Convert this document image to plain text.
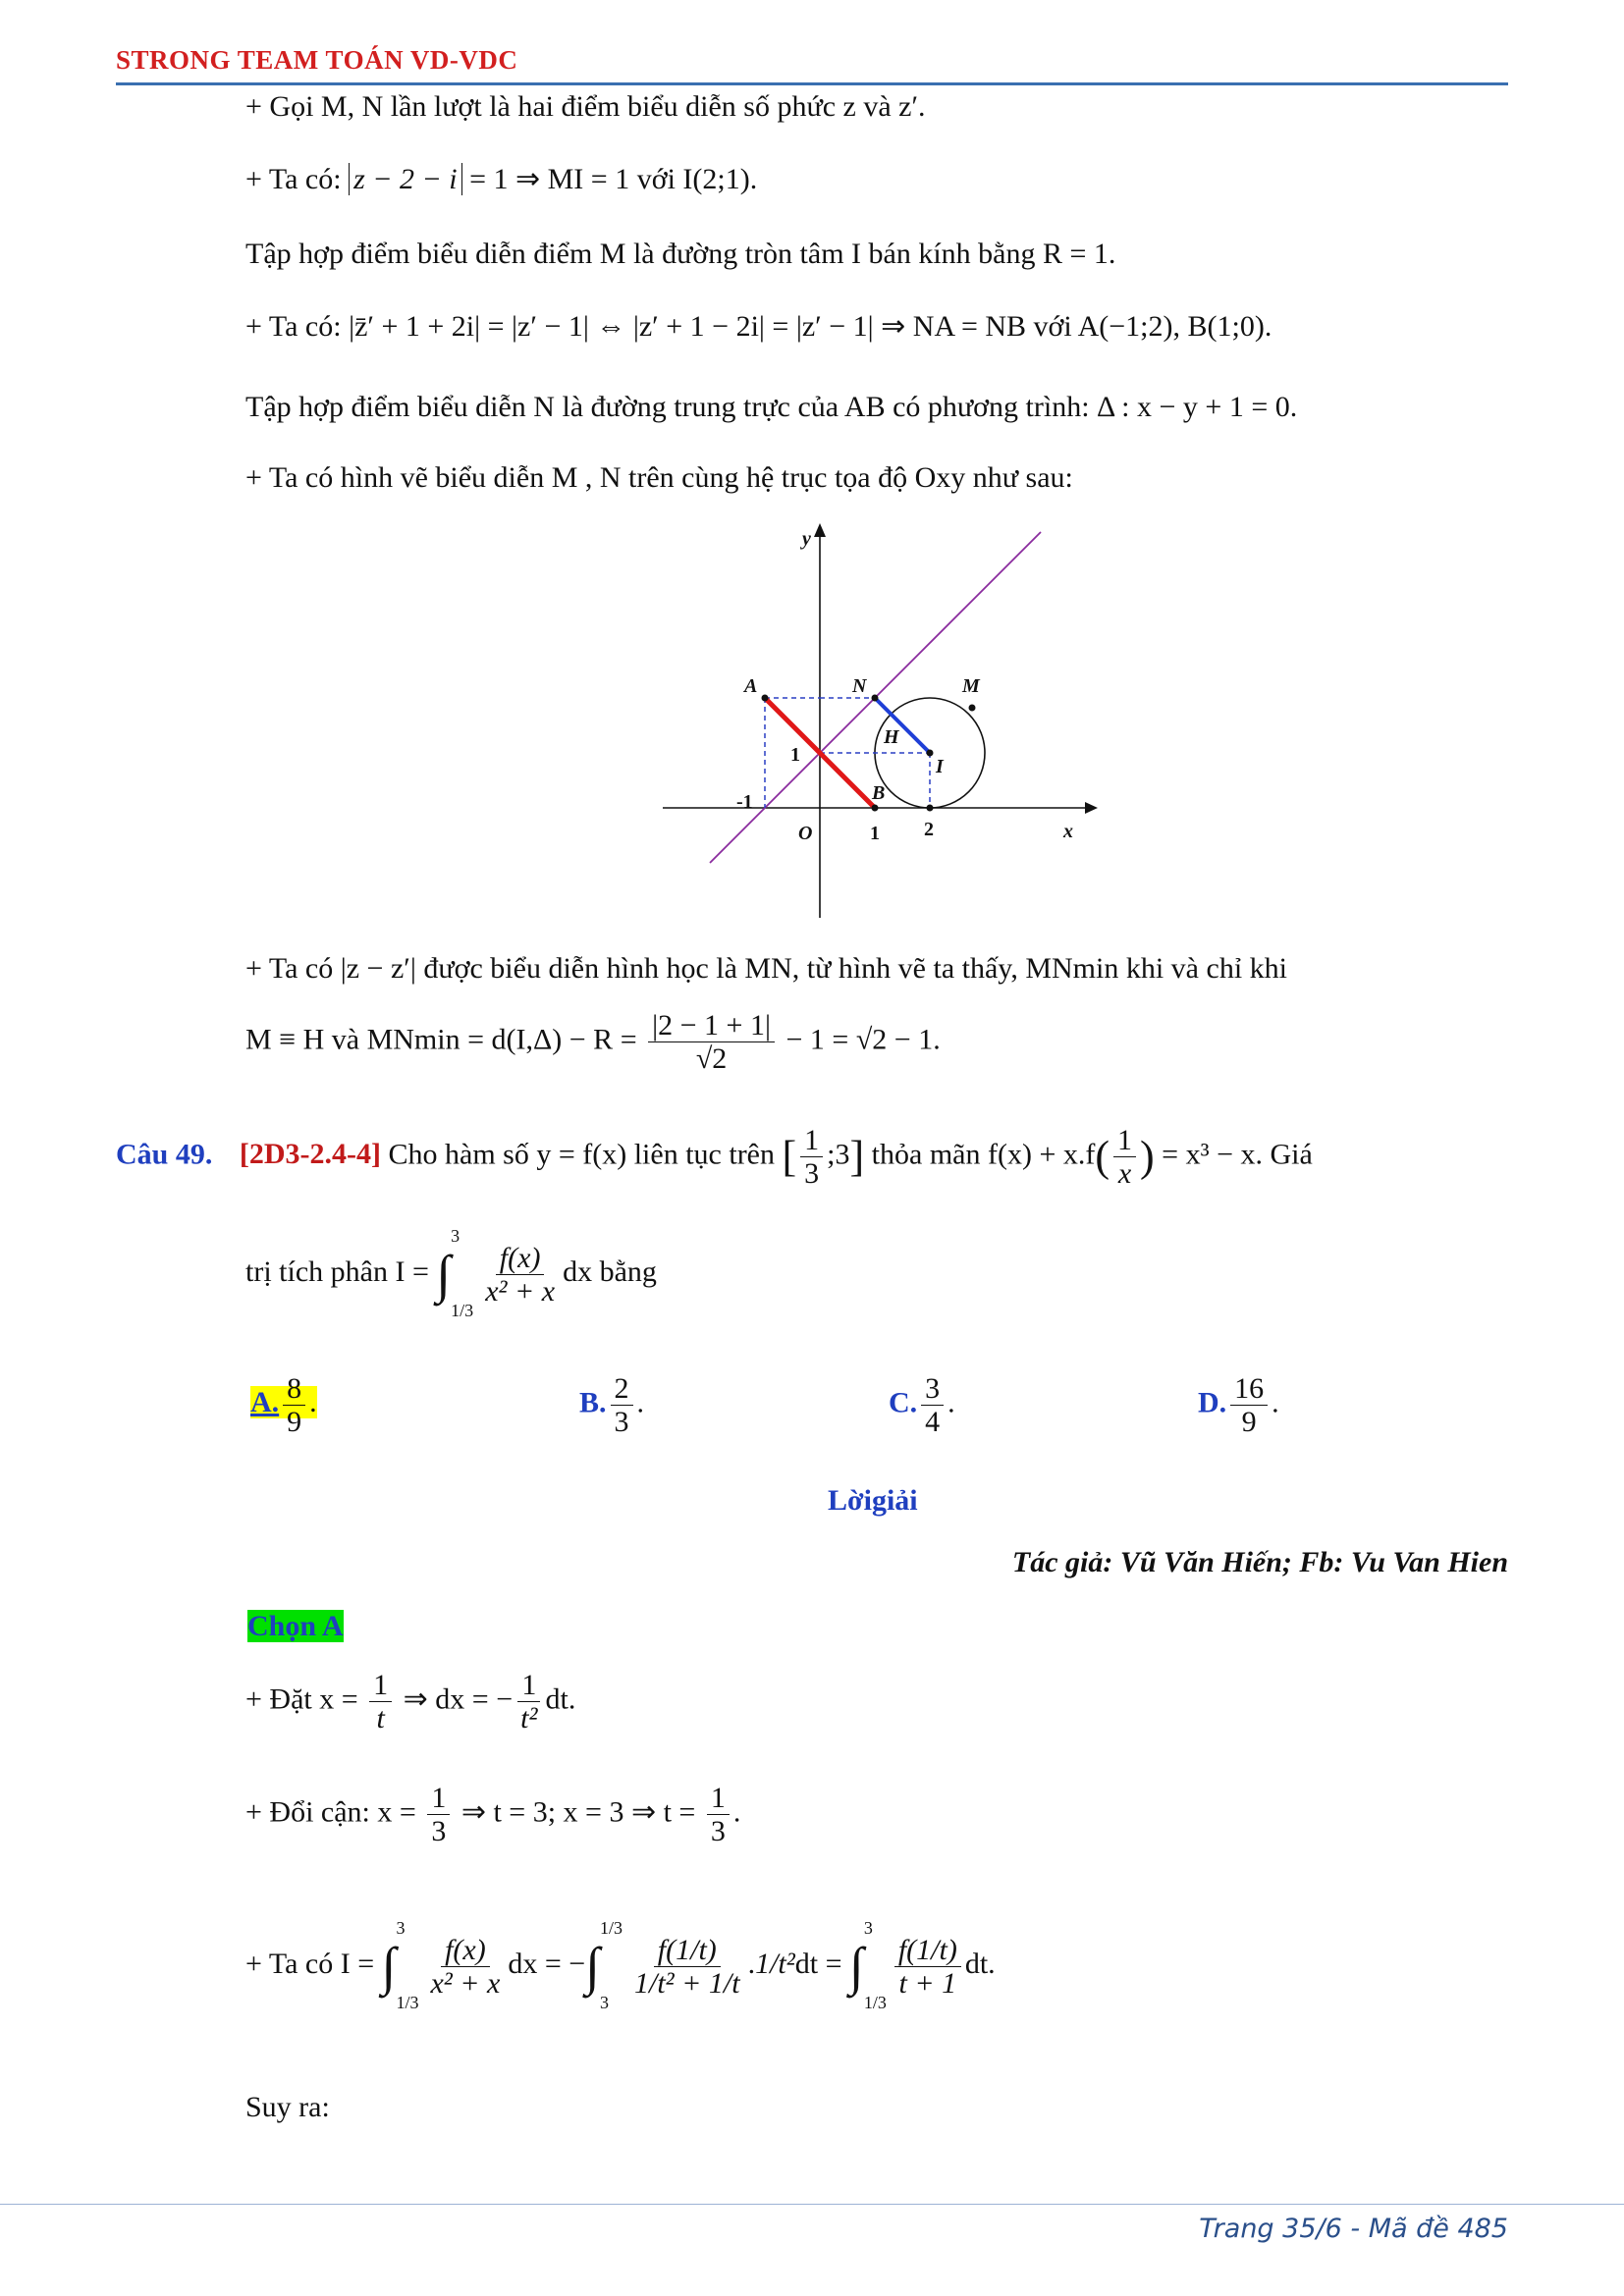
STRONG TEAM TOÁN VD-VDC
+ Gọi M, N lần lượt là hai điểm biểu diễn số phức z và z′.
+ Ta có: z − 2 − i = 1 ⇒ MI = 1 với I(2;1).
Tập hợp điểm biểu diễn điểm M là đường tròn tâm I bán kính bằng R = 1.
+ Ta có: |z̄′ + 1 + 2i| = |z′ − 1| ⇔ |z′ + 1 − 2i| = |z′ − 1| ⇒ NA = NB với A(−1;2), B(1;0).
Tập hợp điểm biểu diễn N là đường trung trực của AB có phương trình: Δ : x − y + 1 = 0.
+ Ta có hình vẽ biểu diễn M , N trên cùng hệ trục tọa độ Oxy như sau:
y
x
O
A
B
N	M
H
I
1 2
1
-1
+ Ta có |z − z′| được biểu diễn hình học là MN, từ hình vẽ ta thấy, MNmin khi và chỉ khi
M ≡ H và $MNmin = d(I,\Delta) - R = \frac{|2 - 1 + 1|}{√2} - 1 = √2 - 1$.
Câu 49. [2D3-2.4-4] Cho hàm số y = f(x) liên tục trên [ $\frac{1}{3}$ ;3] thỏa mãn $f(x) + x.f( \frac{1}{x}$ ) = x³ − x. Giá
trị tích phân I = ∫
3
1/3
$\frac{f(x)}{\text{x² + x}}$ dx bằng
A. $\frac{8}{9}$ .	B. $\frac{2}{3}$ .	C. $\frac{3}{4}$ .	D. $\frac{16}{9}$ .
Lờigiải
Tác giả: Vũ Văn Hiến; Fb: Vu Van Hien
Chọn A
+ Đặt $x = \frac{1}{t}$ ⇒ dx = − $\frac{1}{\text{t²}}$ dt.
+ Đổi cận: $x = \frac{1}{3}$ ⇒ t = 3; x = 3 ⇒ $t = \frac{1}{3}$ .
+ Ta có I = ∫
3
1/3
$\frac{f(x)}{\text{x² + x}}$ dx = −∫
1/3
3
$\frac{f(1/t)}{\text{1/t² + 1/t}} .1/t^2dt$ = ∫
3
1/3
$\frac{f(1/t)}{t + 1}$ dt.
Suy ra:
Trang 35/6 - Mã đề 485
